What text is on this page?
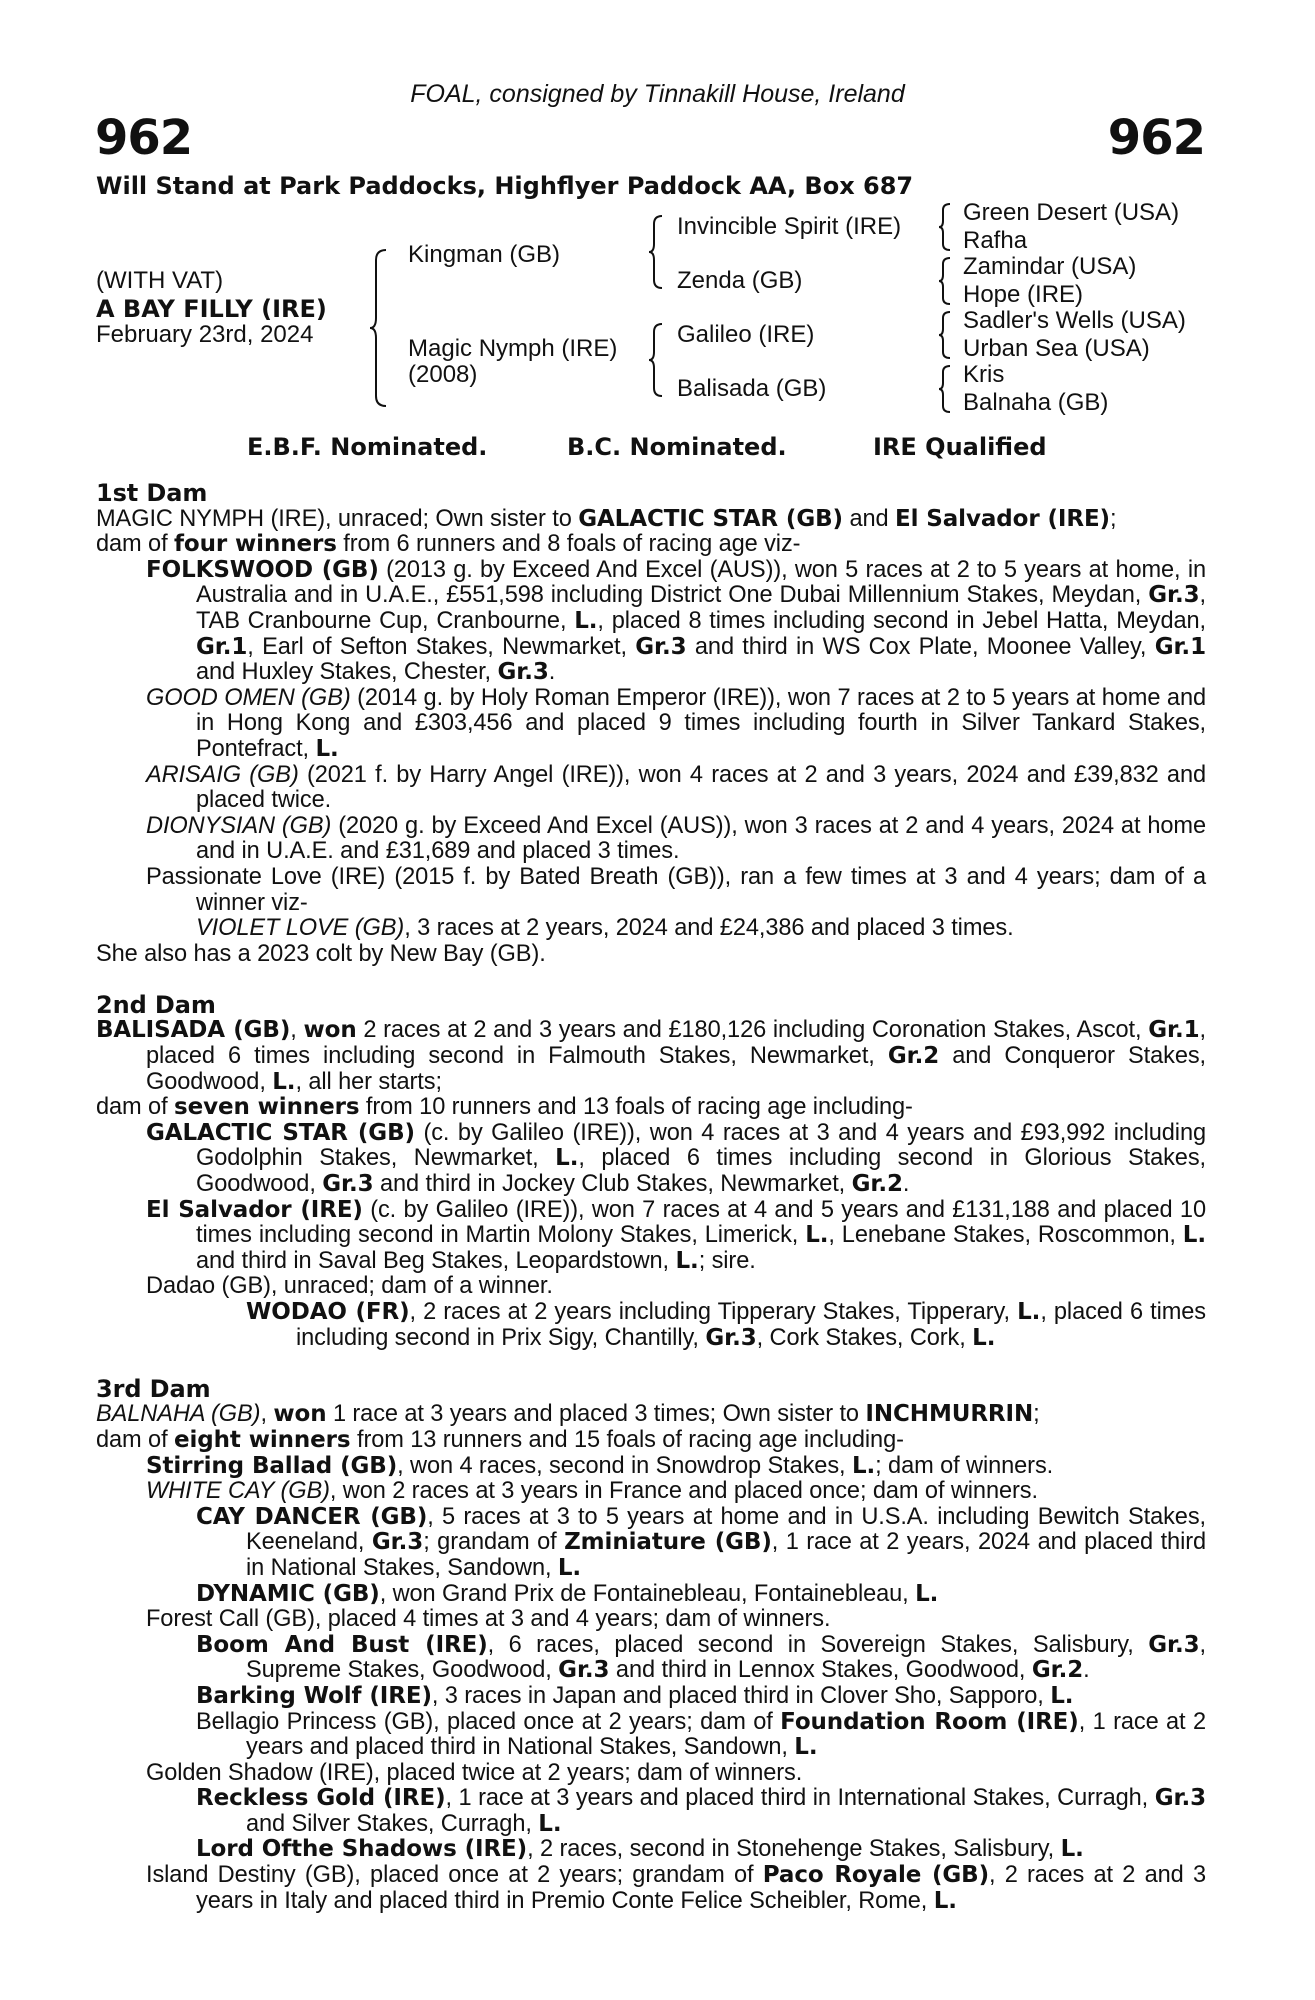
FOAL, consigned by Tinnakill House, Ireland
962	962
Will Stand at Park Paddocks, Highflyer Paddock AA, Box 687
(WITH VAT)
A BAY FILLY (IRE)
February 23rd, 2024
Kingman (GB)
Magic Nymph (IRE)
(2008)
Invincible Spirit (IRE)
Zenda (GB)
Galileo (IRE)
Balisada (GB)
Green Desert (USA)
Rafha
Zamindar (USA)
Hope (IRE)
Sadler's Wells (USA)
Urban Sea (USA)
Kris
Balnaha (GB)
E.B.F. Nominated.	B.C. Nominated.	IRE Qualified
1st Dam
MAGIC NYMPH (IRE), unraced; Own sister to GALACTIC STAR (GB) and El Salvador (IRE);
dam of four winners from 6 runners and 8 foals of racing age viz-
FOLKSWOOD (GB) (2013 g. by Exceed And Excel (AUS)), won 5 races at 2 to 5 years at home, in Australia and in U.A.E., £551,598 including District One Dubai Millennium Stakes, Meydan, Gr.3, TAB Cranbourne Cup, Cranbourne, L., placed 8 times including second in Jebel Hatta, Meydan, Gr.1, Earl of Sefton Stakes, Newmarket, Gr.3 and third in WS Cox Plate, Moonee Valley, Gr.1 and Huxley Stakes, Chester, Gr.3.
GOOD OMEN (GB) (2014 g. by Holy Roman Emperor (IRE)), won 7 races at 2 to 5 years at home and in Hong Kong and £303,456 and placed 9 times including fourth in Silver Tankard Stakes, Pontefract, L.
ARISAIG (GB) (2021 f. by Harry Angel (IRE)), won 4 races at 2 and 3 years, 2024 and £39,832 and placed twice.
DIONYSIAN (GB) (2020 g. by Exceed And Excel (AUS)), won 3 races at 2 and 4 years, 2024 at home and in U.A.E. and £31,689 and placed 3 times.
Passionate Love (IRE) (2015 f. by Bated Breath (GB)), ran a few times at 3 and 4 years; dam of a winner viz-
VIOLET LOVE (GB), 3 races at 2 years, 2024 and £24,386 and placed 3 times.
She also has a 2023 colt by New Bay (GB).
2nd Dam
BALISADA (GB), won 2 races at 2 and 3 years and £180,126 including Coronation Stakes, Ascot, Gr.1, placed 6 times including second in Falmouth Stakes, Newmarket, Gr.2 and Conqueror Stakes, Goodwood, L., all her starts;
dam of seven winners from 10 runners and 13 foals of racing age including-
GALACTIC STAR (GB) (c. by Galileo (IRE)), won 4 races at 3 and 4 years and £93,992 including Godolphin Stakes, Newmarket, L., placed 6 times including second in Glorious Stakes, Goodwood, Gr.3 and third in Jockey Club Stakes, Newmarket, Gr.2.
El Salvador (IRE) (c. by Galileo (IRE)), won 7 races at 4 and 5 years and £131,188 and placed 10 times including second in Martin Molony Stakes, Limerick, L., Lenebane Stakes, Roscommon, L. and third in Saval Beg Stakes, Leopardstown, L.; sire.
Dadao (GB), unraced; dam of a winner.
WODAO (FR), 2 races at 2 years including Tipperary Stakes, Tipperary, L., placed 6 times including second in Prix Sigy, Chantilly, Gr.3, Cork Stakes, Cork, L.
3rd Dam
BALNAHA (GB), won 1 race at 3 years and placed 3 times; Own sister to INCHMURRIN;
dam of eight winners from 13 runners and 15 foals of racing age including-
Stirring Ballad (GB), won 4 races, second in Snowdrop Stakes, L.; dam of winners.
WHITE CAY (GB), won 2 races at 3 years in France and placed once; dam of winners.
CAY DANCER (GB), 5 races at 3 to 5 years at home and in U.S.A. including Bewitch Stakes, Keeneland, Gr.3; grandam of Zminiature (GB), 1 race at 2 years, 2024 and placed third in National Stakes, Sandown, L.
DYNAMIC (GB), won Grand Prix de Fontainebleau, Fontainebleau, L.
Forest Call (GB), placed 4 times at 3 and 4 years; dam of winners.
Boom And Bust (IRE), 6 races, placed second in Sovereign Stakes, Salisbury, Gr.3, Supreme Stakes, Goodwood, Gr.3 and third in Lennox Stakes, Goodwood, Gr.2.
Barking Wolf (IRE), 3 races in Japan and placed third in Clover Sho, Sapporo, L.
Bellagio Princess (GB), placed once at 2 years; dam of Foundation Room (IRE), 1 race at 2 years and placed third in National Stakes, Sandown, L.
Golden Shadow (IRE), placed twice at 2 years; dam of winners.
Reckless Gold (IRE), 1 race at 3 years and placed third in International Stakes, Curragh, Gr.3 and Silver Stakes, Curragh, L.
Lord Ofthe Shadows (IRE), 2 races, second in Stonehenge Stakes, Salisbury, L.
Island Destiny (GB), placed once at 2 years; grandam of Paco Royale (GB), 2 races at 2 and 3 years in Italy and placed third in Premio Conte Felice Scheibler, Rome, L.
